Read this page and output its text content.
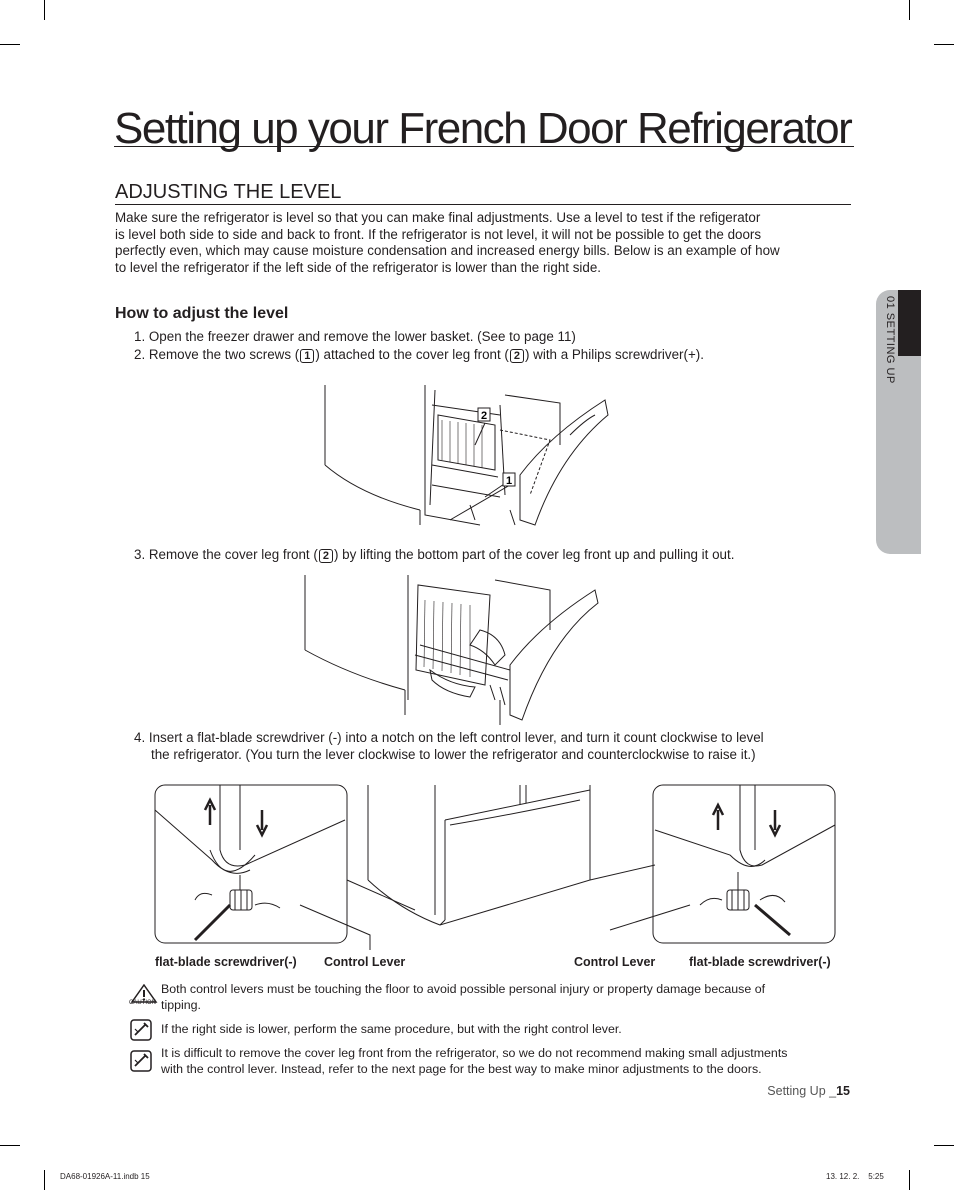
Setting up your French Door Refrigerator
ADJUSTING THE LEVEL
Make sure the refrigerator is level so that you can make final adjustments. Use a level to test if the refigerator
is level both side to side and back to front. If the refrigerator is not level, it will not be possible to get the doors
perfectly even, which may cause moisture condensation and increased energy bills. Below is an example of how
to level the refrigerator if the left side of the refrigerator is lower than the right side.
How to adjust the level
1. Open the freezer drawer and remove the lower basket. (See to page 11)
2. Remove the two screws ( 1 ) attached to the cover leg front ( 2 ) with a Philips screwdriver(+).
2
1
3. Remove the cover leg front ( 2 ) by lifting the bottom part of the cover leg front up and pulling it out.
4. Insert a flat-blade screwdriver (-) into a notch on the left control lever, and turn it count clockwise to level
the refrigerator. (You turn the lever clockwise to lower the refrigerator and counterclockwise to raise it.)
flat-blade screwdriver(-) Control Lever	Control Lever	flat-blade screwdriver(-)
CAUTION
Both control levers must be touching the floor to avoid possible personal injury or property damage because of
tipping.
If the right side is lower, perform the same procedure, but with the right control lever.
It is difficult to remove the cover leg front from the refrigerator, so we do not recommend making small adjustments
with the control lever. Instead, refer to the next page for the best way to make minor adjustments to the doors.
01 SETTING UP
Setting Up _15
DA68-01926A-11.indb 15	13. 12. 2.    5:25
